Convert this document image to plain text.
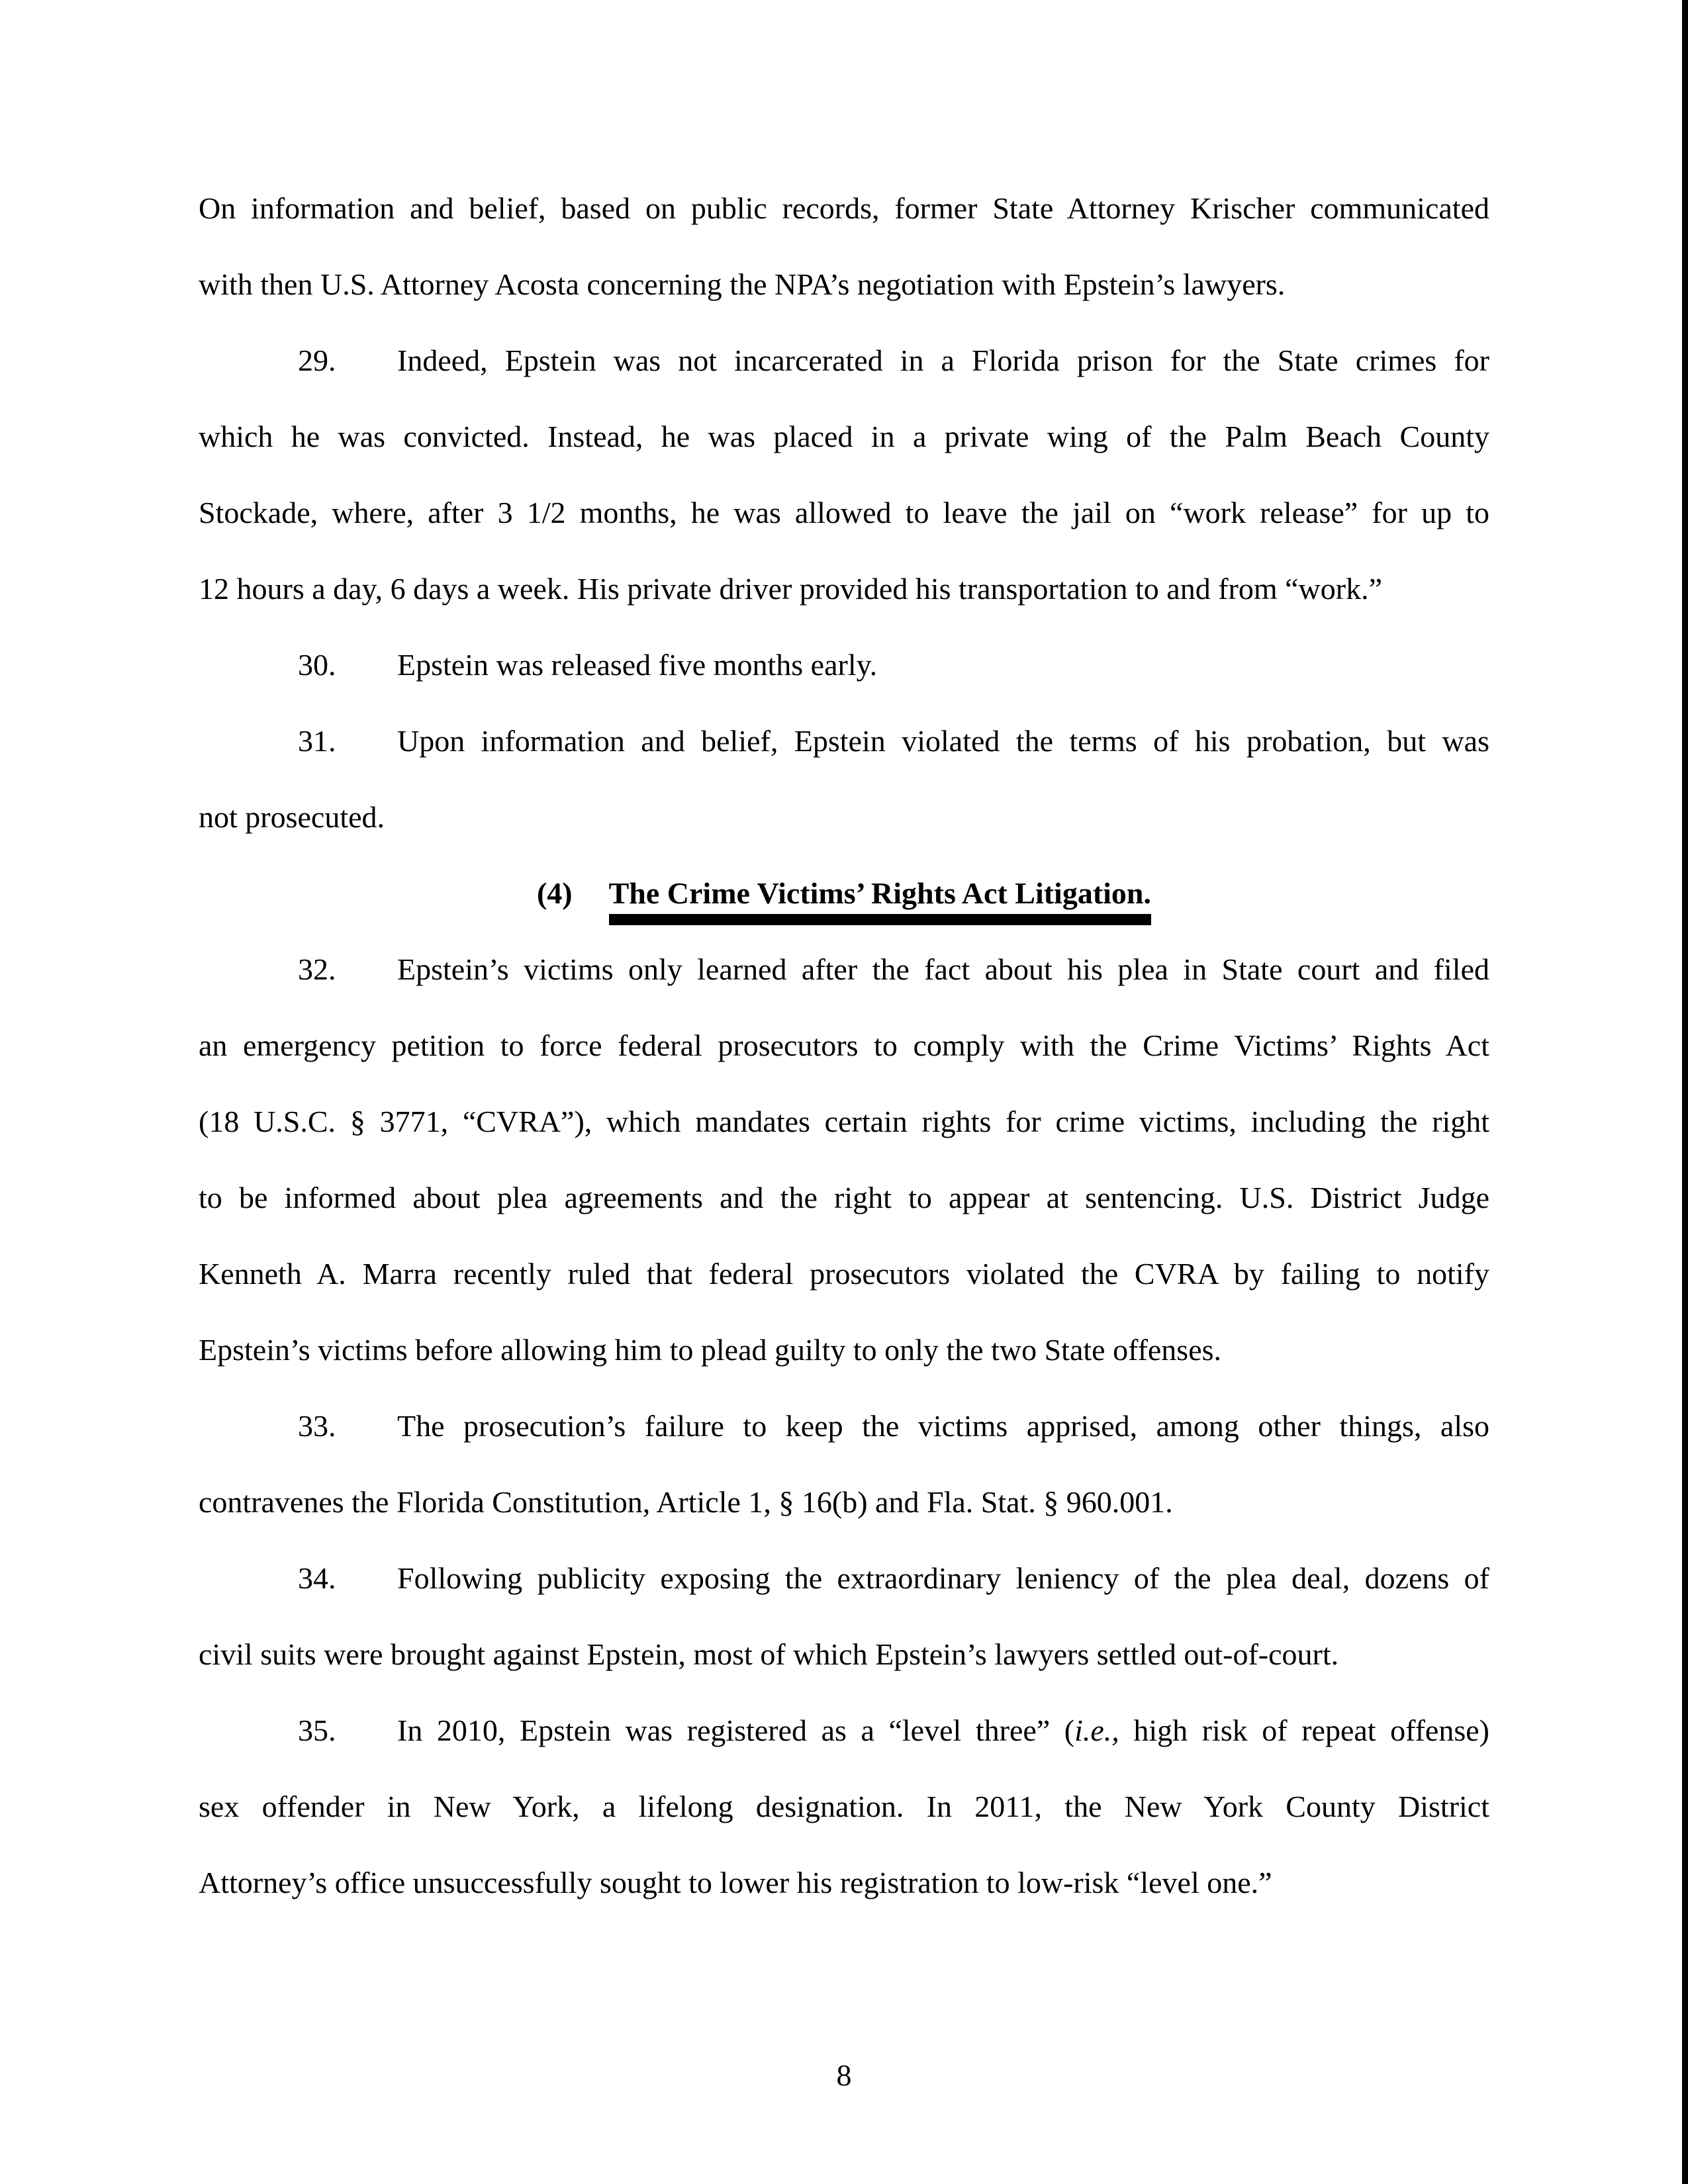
On information and belief, based on public records, former State Attorney Krischer communicated
with then U.S. Attorney Acosta concerning the NPA’s negotiation with Epstein’s lawyers.
29. Indeed, Epstein was not incarcerated in a Florida prison for the State crimes for
which he was convicted. Instead, he was placed in a private wing of the Palm Beach County
Stockade, where, after 3 1/2 months, he was allowed to leave the jail on “work release” for up to
12 hours a day, 6 days a week. His private driver provided his transportation to and from “work.”
30. Epstein was released five months early.
31. Upon information and belief, Epstein violated the terms of his probation, but was
not prosecuted.
(4) The Crime Victims’ Rights Act Litigation.
32. Epstein’s victims only learned after the fact about his plea in State court and filed
an emergency petition to force federal prosecutors to comply with the Crime Victims’ Rights Act
(18 U.S.C. § 3771, “CVRA”), which mandates certain rights for crime victims, including the right
to be informed about plea agreements and the right to appear at sentencing. U.S. District Judge
Kenneth A. Marra recently ruled that federal prosecutors violated the CVRA by failing to notify
Epstein’s victims before allowing him to plead guilty to only the two State offenses.
33. The prosecution’s failure to keep the victims apprised, among other things, also
contravenes the Florida Constitution, Article 1, § 16(b) and Fla. Stat. § 960.001.
34. Following publicity exposing the extraordinary leniency of the plea deal, dozens of
civil suits were brought against Epstein, most of which Epstein’s lawyers settled out-of-court.
35. In 2010, Epstein was registered as a “level three” (i.e., high risk of repeat offense)
sex offender in New York, a lifelong designation. In 2011, the New York County District
Attorney’s office unsuccessfully sought to lower his registration to low-risk “level one.”
8
